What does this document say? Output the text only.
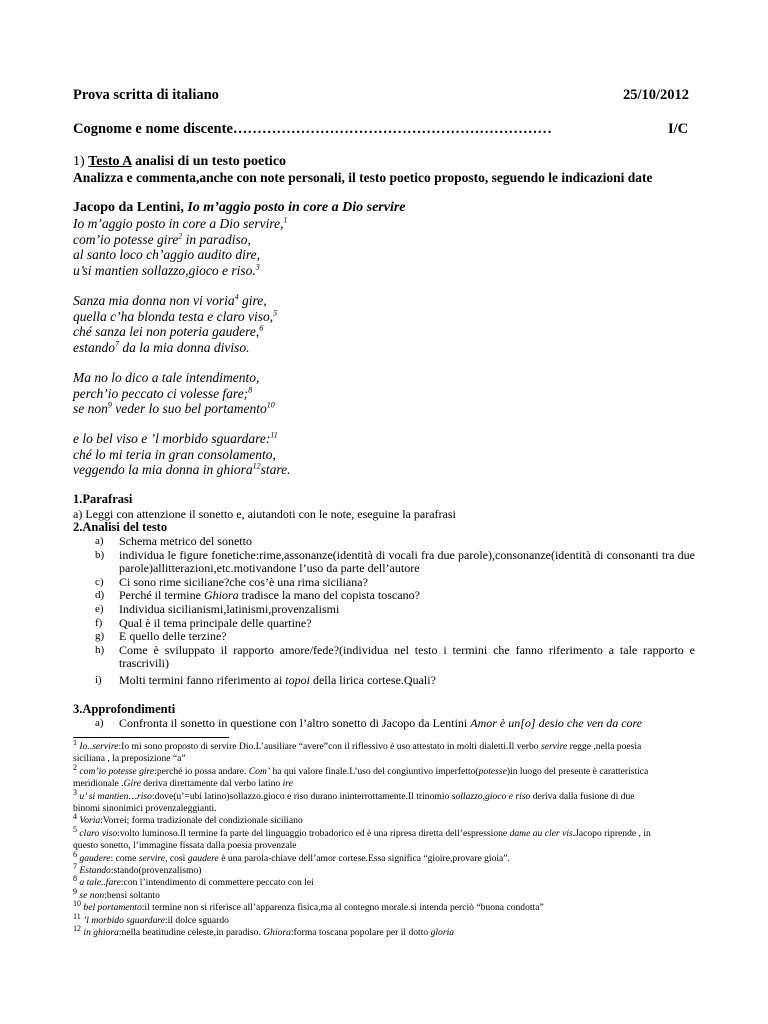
Prova scritta di italiano	25/10/2012
Cognome e nome discente…………………………………………………………	I/C
1) Testo A analisi di un testo poetico
Analizza e commenta,anche con note personali, il testo poetico proposto, seguendo le indicazioni date
Jacopo da Lentini, Io m’aggio posto in core a Dio servire
Io m’aggio posto in core a Dio servire,$^1$
com’io potesse gire$^2$ in paradiso,
al santo loco ch’aggio audito dire,
u’si mantien sollazzo,gioco e riso.$^3$
Sanza mia donna non vi voria$^4$ gire,
quella c’ha blonda testa e claro viso,$^5$
ché sanza lei non poteria gaudere,$^6$
estando$^7$ da la mia donna diviso.
Ma no lo dico a tale intendimento,
perch’io peccato ci volesse fare;$^8$
se non$^9$ veder lo suo bel portamento$^{10}$
e lo bel viso e ’l morbido sguardare:$^{11}$
ché lo mi teria in gran consolamento,
veggendo la mia donna in ghiora$^{12}$stare.
1.Parafrasi
a) Leggi con attenzione il sonetto e, aiutandoti con le note, eseguine la parafrasi
2.Analisi del testo
a) Schema metrico del sonetto
b) individua le figure fonetiche:rime,assonanze(identità di vocali fra due parole),consonanze(identità di consonanti tra due parole)allitterazioni,etc.motivandone l’uso da parte dell’autore
c) Ci sono rime siciliane?che cos’è una rima siciliana?
d) Perché il termine Ghiora tradisce la mano del copista toscano?
e) Individua sicilianismi,latinismi,provenzalismi
f) Qual è il tema principale delle quartine?
g) E quello delle terzine?
h) Come è sviluppato il rapporto amore/fede?(individua nel testo i termini che fanno riferimento a tale rapporto e trascrivili)
i) Molti termini fanno riferimento ai topoi della lirica cortese.Quali?
3.Approfondimenti
a) Confronta il sonetto in questione con l’altro sonetto di Jacopo da Lentini Amor è un[o] desio che ven da core
$^1$ Io..servire:Io mi sono proposto di servire Dio.L’ausiliare “avere”con il riflessivo è uso attestato in molti dialetti.Il verbo servire regge ,nella poesia
siciliana , la preposizione “a”
$^2$ com’io potesse gire:perché io possa andare. Com’ ha qui valore finale.L’uso del congiuntivo imperfetto(potesse)in luogo del presente è caratteristica
meridionale .Gire deriva direttamente dal verbo latino ire
$^3$ u’ si mantien…riso:dove(u’=ubi latino)sollazzo.gioco e riso durano ininterrottamente.Il trinomio sollazzo,gioco e riso deriva dalla fusione di due
binomi sinonimici provenzaleggianti.
$^4$ Voria:Vorrei; forma tradizionale del condizionale siciliano
$^5$ claro viso:volto luminoso.Il termine fa parte del linguaggio trobadorico ed è una ripresa diretta dell’espressione dame au cler vis.Jacopo riprende , in
questo sonetto, l’immagine fissata dalla poesia provenzale
$^6$ gaudere: come servire, così gaudere è una parola-chiave dell’amor cortese.Essa significa “gioire,provare gioia”.
$^7$ Estando:stando(provenzalismo)
$^8$ a tale..fare:con l’intendimento di commettere peccato con lei
$^9$ se non:bensì soltanto
$^{10}$ bel portamento:il termine non si riferisce all’apparenza fisica,ma al contegno morale.si intenda perciò “buona condotta”
$^{11}$ ’l morbido sguardare:il dolce sguardo
$^{12}$ in ghiora:nella beatitudine celeste,in paradiso. Ghiora:forma toscana popolare per il dotto gloria
